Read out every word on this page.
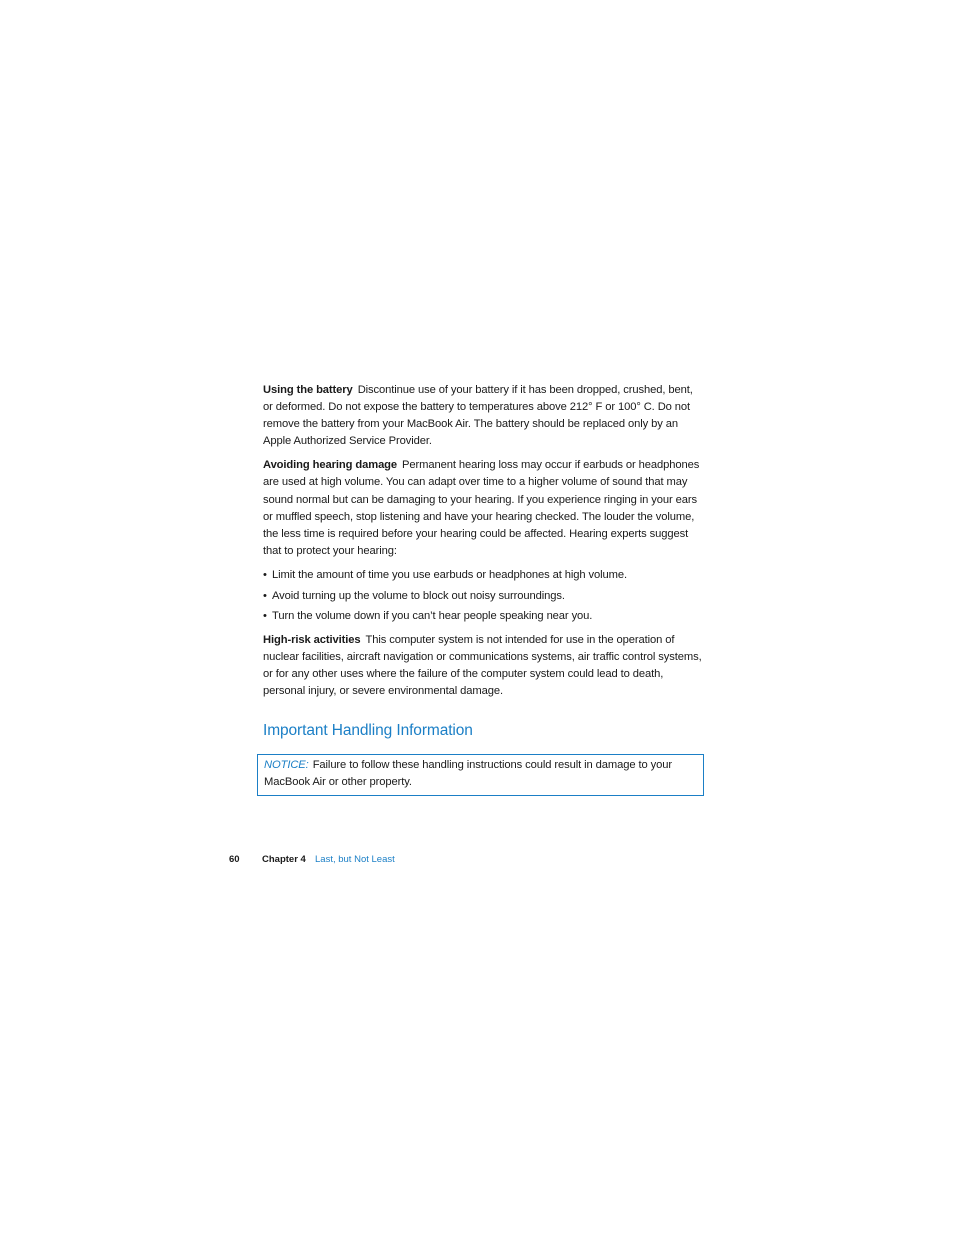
Using the battery Discontinue use of your battery if it has been dropped, crushed, bent, or deformed. Do not expose the battery to temperatures above 212° F or 100° C. Do not remove the battery from your MacBook Air. The battery should be replaced only by an Apple Authorized Service Provider.

Avoiding hearing damage Permanent hearing loss may occur if earbuds or headphones are used at high volume. You can adapt over time to a higher volume of sound that may sound normal but can be damaging to your hearing. If you experience ringing in your ears or muffled speech, stop listening and have your hearing checked. The louder the volume, the less time is required before your hearing could be affected. Hearing experts suggest that to protect your hearing:

• Limit the amount of time you use earbuds or headphones at high volume.
• Avoid turning up the volume to block out noisy surroundings.
• Turn the volume down if you can’t hear people speaking near you.

High-risk activities This computer system is not intended for use in the operation of nuclear facilities, aircraft navigation or communications systems, air traffic control systems, or for any other uses where the failure of the computer system could lead to death, personal injury, or severe environmental damage.

Important Handling Information
NOTICE: Failure to follow these handling instructions could result in damage to your MacBook Air or other property.
60 Chapter 4 Last, but Not Least
